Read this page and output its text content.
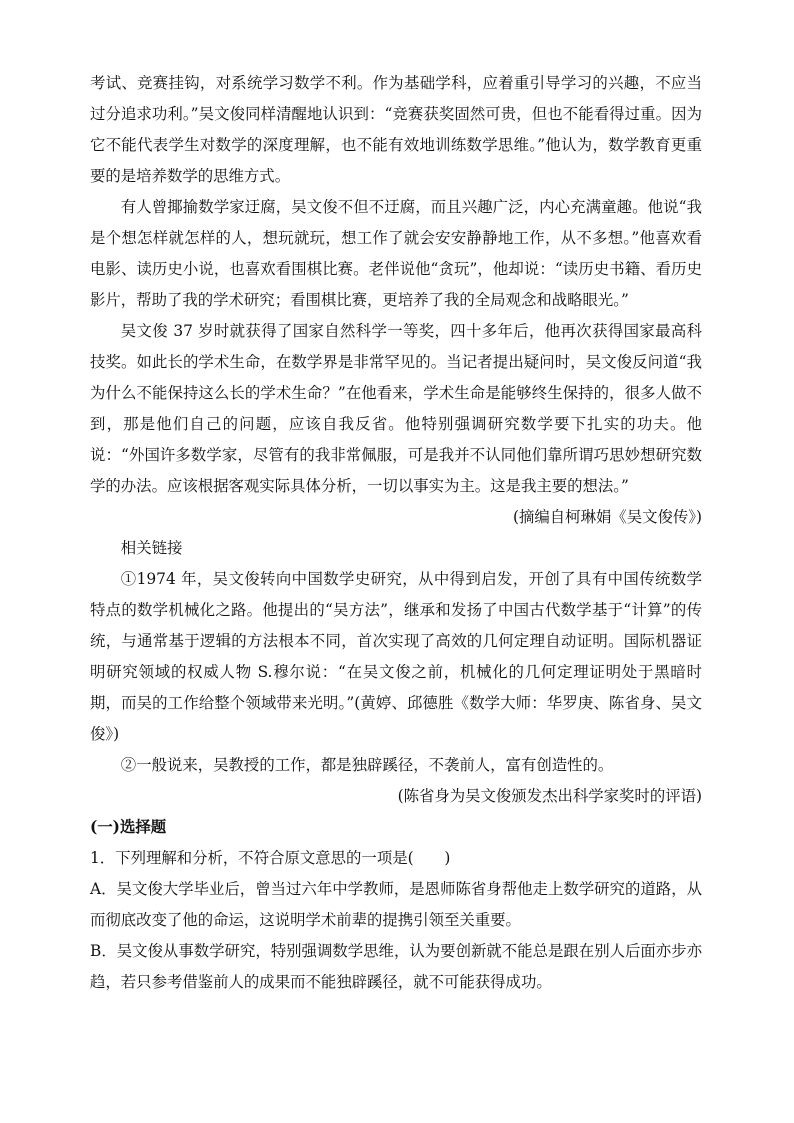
考试、竞赛挂钩，对系统学习数学不利。作为基础学科，应着重引导学习的兴趣，不应当过分追求功利。”吴文俊同样清醒地认识到：“竞赛获奖固然可贵，但也不能看得过重。因为它不能代表学生对数学的深度理解，也不能有效地训练数学思维。”他认为，数学教育更重要的是培养数学的思维方式。

有人曾揶揄数学家迂腐，吴文俊不但不迂腐，而且兴趣广泛，内心充满童趣。他说“我是个想怎样就怎样的人，想玩就玩，想工作了就会安安静静地工作，从不多想。”他喜欢看电影、读历史小说，也喜欢看围棋比赛。老伴说他“贪玩”，他却说：“读历史书籍、看历史影片，帮助了我的学术研究；看围棋比赛，更培养了我的全局观念和战略眼光。”

吴文俊 37 岁时就获得了国家自然科学一等奖，四十多年后，他再次获得国家最高科技奖。如此长的学术生命，在数学界是非常罕见的。当记者提出疑问时，吴文俊反问道“我为什么不能保持这么长的学术生命？”在他看来，学术生命是能够终生保持的，很多人做不到，那是他们自己的问题，应该自我反省。他特别强调研究数学要下扎实的功夫。他说：“外国许多数学家，尽管有的我非常佩服，可是我并不认同他们靠所谓巧思妙想研究数学的办法。应该根据客观实际具体分析，一切以事实为主。这是我主要的想法。”

(摘编自柯琳娟《吴文俊传》)

相关链接

①1974 年，吴文俊转向中国数学史研究，从中得到启发，开创了具有中国传统数学特点的数学机械化之路。他提出的“吴方法”，继承和发扬了中国古代数学基于“计算”的传统，与通常基于逻辑的方法根本不同，首次实现了高效的几何定理自动证明。国际机器证明研究领域的权威人物 S.穆尔说：“在吴文俊之前，机械化的几何定理证明处于黑暗时期，而吴的工作给整个领域带来光明。”(黄婷、邱德胜《数学大师：华罗庚、陈省身、吴文俊》)

②一般说来，吴教授的工作，都是独辟蹊径，不袭前人，富有创造性的。

(陈省身为吴文俊颁发杰出科学家奖时的评语)

(一)选择题

1．下列理解和分析，不符合原文意思的一项是(　　)

A．吴文俊大学毕业后，曾当过六年中学教师，是恩师陈省身帮他走上数学研究的道路，从而彻底改变了他的命运，这说明学术前辈的提携引领至关重要。

B．吴文俊从事数学研究，特别强调数学思维，认为要创新就不能总是跟在别人后面亦步亦趋，若只参考借鉴前人的成果而不能独辟蹊径，就不可能获得成功。
